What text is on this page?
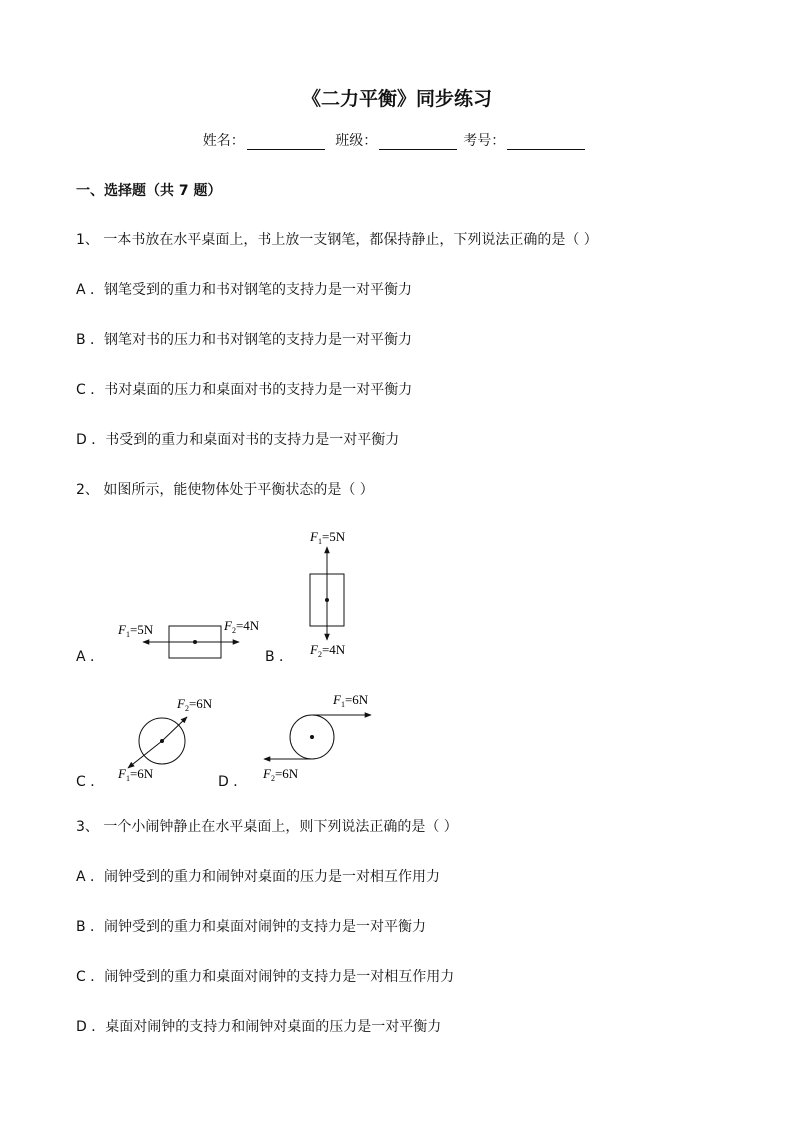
《二力平衡》同步练习
姓名：	班级：	考号：
一、选择题（共 7 题）
1、 一本书放在水平桌面上，书上放一支钢笔，都保持静止，下列说法正确的是（ ）
A ．钢笔受到的重力和书对钢笔的支持力是一对平衡力
B ．钢笔对书的压力和书对钢笔的支持力是一对平衡力
C ．书对桌面的压力和桌面对书的支持力是一对平衡力
D ．书受到的重力和桌面对书的支持力是一对平衡力
2、 如图所示，能使物体处于平衡状态的是（ ）
A ．	B ．
C ．	D ．
$F_1=5N$	$F_2=4N$
$F_1=5N$
$F_2=4N$
$F_2=6N$
$F_1=6N$
$F_1=6N$
$F_2=6N$
3、 一个小闹钟静止在水平桌面上，则下列说法正确的是（ ）
A ．闹钟受到的重力和闹钟对桌面的压力是一对相互作用力
B ．闹钟受到的重力和桌面对闹钟的支持力是一对平衡力
C ．闹钟受到的重力和桌面对闹钟的支持力是一对相互作用力
D ．桌面对闹钟的支持力和闹钟对桌面的压力是一对平衡力
